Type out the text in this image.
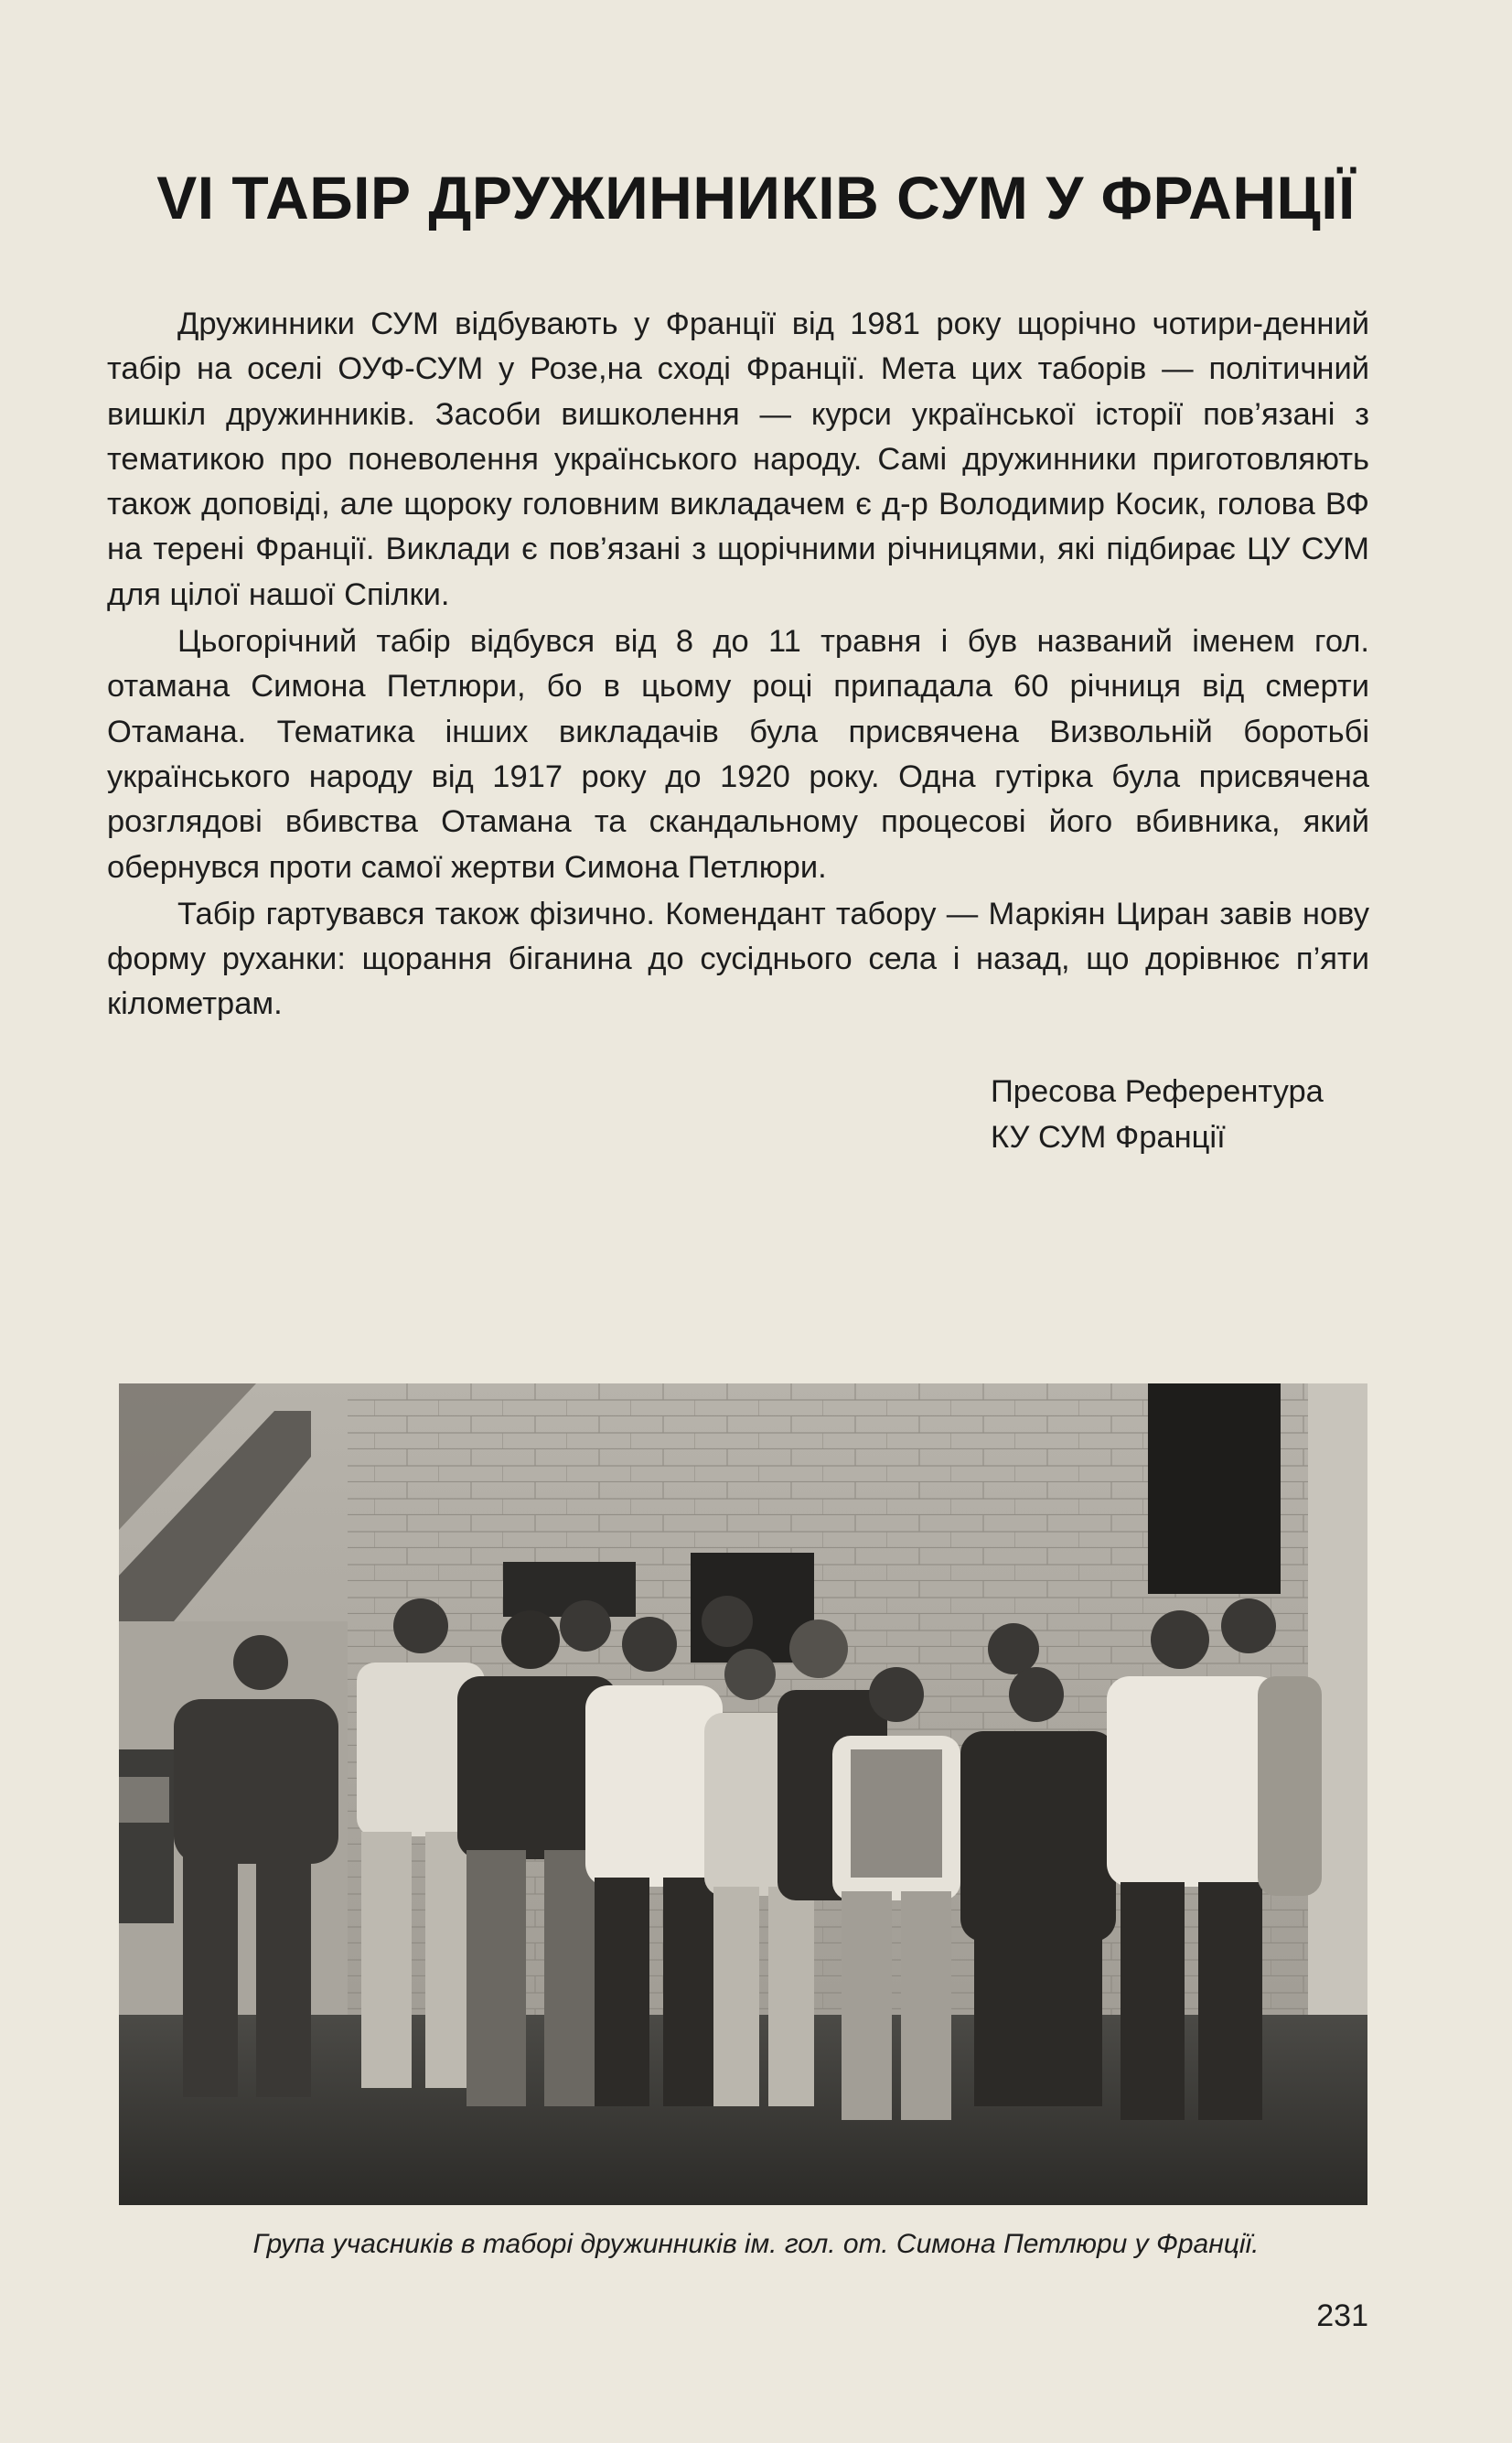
VI ТАБІР ДРУЖИННИКІВ СУМ У ФРАНЦІЇ

Дружинники СУМ відбувають у Франції від 1981 року щорічно чотири-денний табір на оселі ОУФ-СУМ у Розе,на сході Франції. Мета цих таборів — політичний вишкіл дружинників. Засоби вишколення — курси української історії пов’язані з тематикою про поневолення українського народу. Самі дружинники приготовляють також доповіді, але щороку головним викладачем є д-р Володимир Косик, голова ВФ на терені Франції. Виклади є пов’язані з щорічними річницями, які підбирає ЦУ СУМ для цілої нашої Спілки.

Цьогорічний табір відбувся від 8 до 11 травня і був названий іменем гол. отамана Симона Петлюри, бо в цьому році припадала 60 річниця від смерти Отамана. Тематика інших викладачів була присвячена Визвольній боротьбі українського народу від 1917 року до 1920 року. Одна гутірка була присвячена розглядові вбивства Отамана та скандальному процесові його вбивника, який обернувся проти самої жертви Симона Петлюри.

Табір гартувався також фізично. Комендант табору — Маркіян Циран завів нову форму руханки: щорання біганина до сусіднього села і назад, що дорівнює п’яти кілометрам.

Пресова Референтура
КУ СУМ Франції
Група учасників в таборі дружинників ім. гол. от. Симона Петлюри у Франції.
231
